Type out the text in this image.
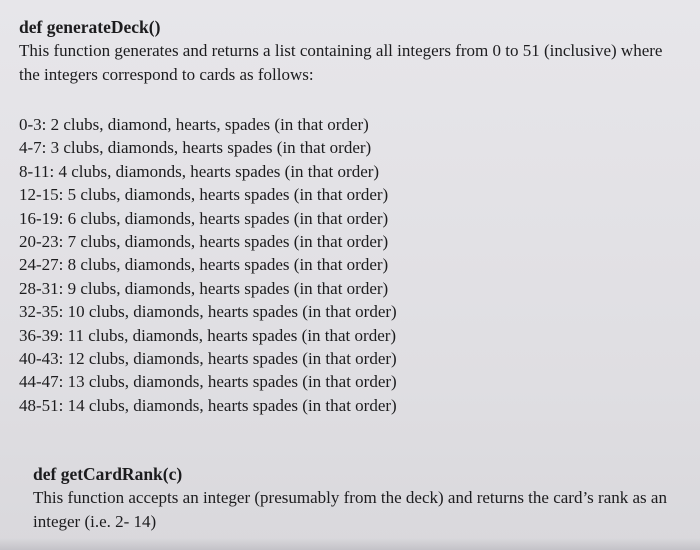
def generateDeck()
This function generates and returns a list containing all integers from 0 to 51 (inclusive) where the integers correspond to cards as follows:
0-3: 2 clubs, diamond, hearts, spades (in that order)
4-7: 3 clubs, diamonds, hearts spades (in that order)
8-11: 4 clubs, diamonds, hearts spades (in that order)
12-15: 5 clubs, diamonds, hearts spades (in that order)
16-19: 6 clubs, diamonds, hearts spades (in that order)
20-23: 7 clubs, diamonds, hearts spades (in that order)
24-27: 8 clubs, diamonds, hearts spades (in that order)
28-31: 9 clubs, diamonds, hearts spades (in that order)
32-35: 10 clubs, diamonds, hearts spades (in that order)
36-39: 11 clubs, diamonds, hearts spades (in that order)
40-43: 12 clubs, diamonds, hearts spades (in that order)
44-47: 13 clubs, diamonds, hearts spades (in that order)
48-51: 14 clubs, diamonds, hearts spades (in that order)
def getCardRank(c)
This function accepts an integer (presumably from the deck) and returns the card’s rank as an integer (i.e. 2- 14)
